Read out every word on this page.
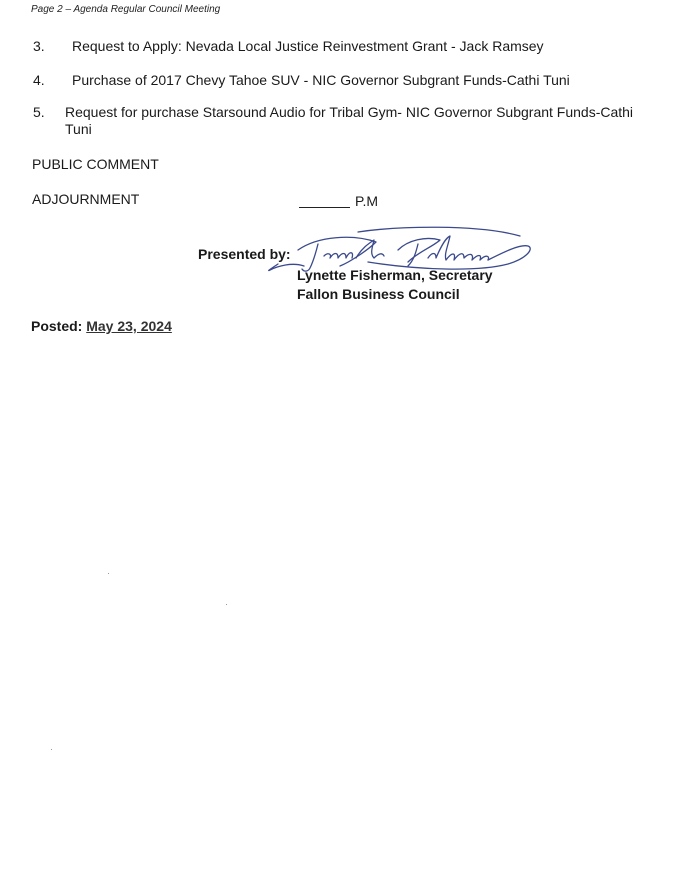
Page 2 – Agenda Regular Council Meeting
3. Request to Apply: Nevada Local Justice Reinvestment Grant - Jack Ramsey
4. Purchase of 2017 Chevy Tahoe SUV - NIC Governor Subgrant Funds-Cathi Tuni
5. Request for purchase Starsound Audio for Tribal Gym- NIC Governor Subgrant Funds-Cathi Tuni
PUBLIC COMMENT
ADJOURNMENT	P.M
Presented by:
Lynette Fisherman, Secretary
Fallon Business Council
Posted: May 23, 2024
